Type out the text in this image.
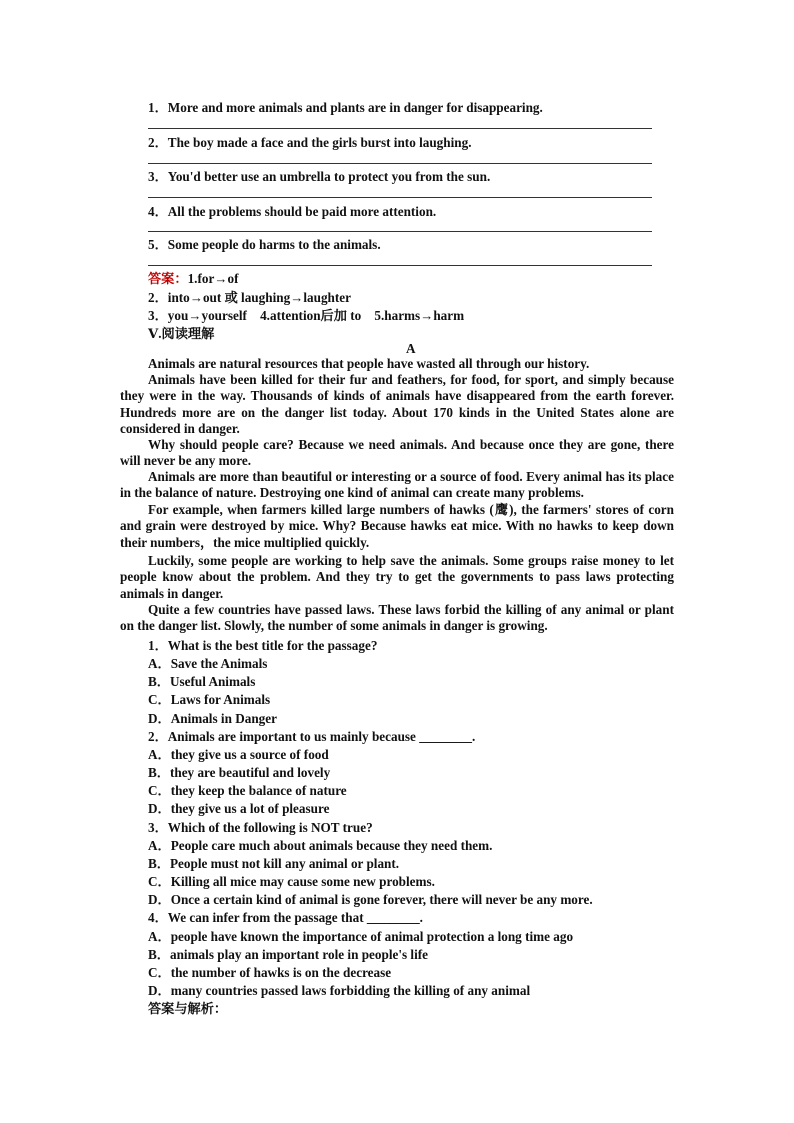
1．More and more animals and plants are in danger for disappearing.
2．The boy made a face and the girls burst into laughing.
3．You'd better use an umbrella to protect you from the sun.
4．All the problems should be paid more attention.
5．Some people do harms to the animals.
答案：1.for→of
2．into→out 或 laughing→laughter
3．you→yourself　4.attention后加 to　5.harms→harm
Ⅴ.阅读理解
A
Animals are natural resources that people have wasted all through our history.
Animals have been killed for their fur and feathers, for food, for sport, and simply because they were in the way. Thousands of kinds of animals have disappeared from the earth forever. Hundreds more are on the danger list today. About 170 kinds in the United States alone are considered in danger.
Why should people care? Because we need animals. And because once they are gone, there will never be any more.
Animals are more than beautiful or interesting or a source of food. Every animal has its place in the balance of nature. Destroying one kind of animal can create many problems.
For example, when farmers killed large numbers of hawks (鹰), the farmers' stores of corn and grain were destroyed by mice. Why? Because hawks eat mice. With no hawks to keep down their numbers，the mice multiplied quickly.
Luckily, some people are working to help save the animals. Some groups raise money to let people know about the problem. And they try to get the governments to pass laws protecting animals in danger.
Quite a few countries have passed laws. These laws forbid the killing of any animal or plant on the danger list. Slowly, the number of some animals in danger is growing.
1．What is the best title for the passage?
A．Save the Animals
B．Useful Animals
C．Laws for Animals
D．Animals in Danger
2．Animals are important to us mainly because ________.
A．they give us a source of food
B．they are beautiful and lovely
C．they keep the balance of nature
D．they give us a lot of pleasure
3．Which of the following is NOT true?
A．People care much about animals because they need them.
B．People must not kill any animal or plant.
C．Killing all mice may cause some new problems.
D．Once a certain kind of animal is gone forever, there will never be any more.
4．We can infer from the passage that ________.
A．people have known the importance of animal protection a long time ago
B．animals play an important role in people's life
C．the number of hawks is on the decrease
D．many countries passed laws forbidding the killing of any animal
答案与解析：
